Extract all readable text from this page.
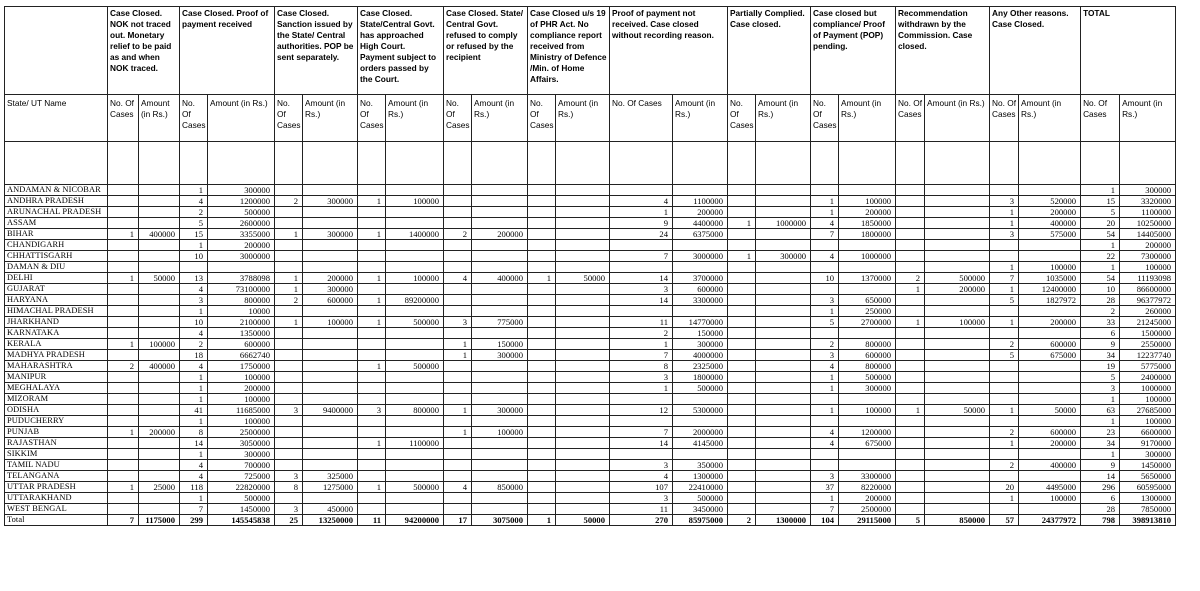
	Case Closed. NOK not traced out. Monetary relief to be paid as and when NOK traced.		Case Closed. Proof of payment received		Case Closed. Sanction issued by the State/ Central authorities. POP be sent separately.		Case Closed. State/Central Govt. has approached High Court. Payment subject to orders passed by the Court.		Case Closed. State/ Central Govt. refused to comply or refused by the recipient		Case Closed u/s 19 of PHR Act. No compliance report received from Ministry of Defence /Min. of Home Affairs.		Proof of payment not received. Case closed without recording reason.		Partially Complied. Case closed.		Case closed but compliance/ Proof of Payment (POP) pending.		Recommendation withdrawn by the Commission. Case closed.		Any Other reasons. Case Closed.		TOTAL	
State/ UT Name	No. Of Cases	Amount (in Rs.)	No. Of Cases	Amount (in Rs.)	No. Of Cases	Amount (in Rs.)	No. Of Cases	Amount (in Rs.)	No. Of Cases	Amount (in Rs.)	No. Of Cases	Amount (in Rs.)	No. Of Cases	Amount (in Rs.)	No. Of Cases	Amount (in Rs.)	No. Of Cases	Amount (in Rs.)	No. Of Cases	Amount (in Rs.)	No. Of Cases	Amount (in Rs.)	No. Of Cases	Amount (in Rs.)

ANDAMAN & NICOBAR			1	300000																			1	300000
ANDHRA PRADESH			4	1200000	2	300000	1	100000					4	1100000			1	100000			3	520000	15	3320000
ARUNACHAL PRADESH			2	500000									1	200000			1	200000			1	200000	5	1100000
ASSAM			5	2600000									9	4400000	1	1000000	4	1850000			1	400000	20	10250000
BIHAR	1	400000	15	3355000	1	300000	1	1400000	2	200000			24	6375000			7	1800000			3	575000	54	14405000
CHANDIGARH			1	200000																			1	200000
CHHATTISGARH			10	3000000									7	3000000	1	300000	4	1000000					22	7300000
DAMAN & DIU																					1	100000	1	100000
DELHI	1	50000	13	3788098	1	200000	1	100000	4	400000	1	50000	14	3700000			10	1370000	2	500000	7	1035000	54	11193098
GUJARAT			4	73100000	1	300000							3	600000					1	200000	1	12400000	10	86600000
HARYANA			3	800000	2	600000	1	89200000					14	3300000			3	650000			5	1827972	28	96377972
HIMACHAL PRADESH			1	10000													1	250000					2	260000
JHARKHAND			10	2100000	1	100000	1	500000	3	775000			11	14770000			5	2700000	1	100000	1	200000	33	21245000
KARNATAKA			4	1350000									2	150000									6	1500000
KERALA	1	100000	2	600000					1	150000			1	300000			2	800000			2	600000	9	2550000
MADHYA PRADESH			18	6662740					1	300000			7	4000000			3	600000			5	675000	34	12237740
MAHARASHTRA	2	400000	4	1750000			1	500000					8	2325000			4	800000					19	5775000
MANIPUR			1	100000									3	1800000			1	500000					5	2400000
MEGHALAYA			1	200000									1	500000			1	300000					3	1000000
MIZORAM			1	100000																			1	100000
ODISHA			41	11685000	3	9400000	3	800000	1	300000			12	5300000			1	100000	1	50000	1	50000	63	27685000
PUDUCHERRY			1	100000																			1	100000
PUNJAB	1	200000	8	2500000					1	100000			7	2000000			4	1200000			2	600000	23	6600000
RAJASTHAN			14	3050000			1	1100000					14	4145000			4	675000			1	200000	34	9170000
SIKKIM			1	300000																			1	300000
TAMIL NADU			4	700000									3	350000							2	400000	9	1450000
TELANGANA			4	725000	3	325000							4	1300000			3	3300000					14	5650000
UTTAR PRADESH	1	25000	118	22820000	8	1275000	1	500000	4	850000			107	22410000			37	8220000			20	4495000	296	60595000
UTTARAKHAND			1	500000									3	500000			1	200000			1	100000	6	1300000
WEST BENGAL			7	1450000	3	450000							11	3450000			7	2500000					28	7850000
Total	7	1175000	299	145545838	25	13250000	11	94200000	17	3075000	1	50000	270	85975000	2	1300000	104	29115000	5	850000	57	24377972	798	398913810
